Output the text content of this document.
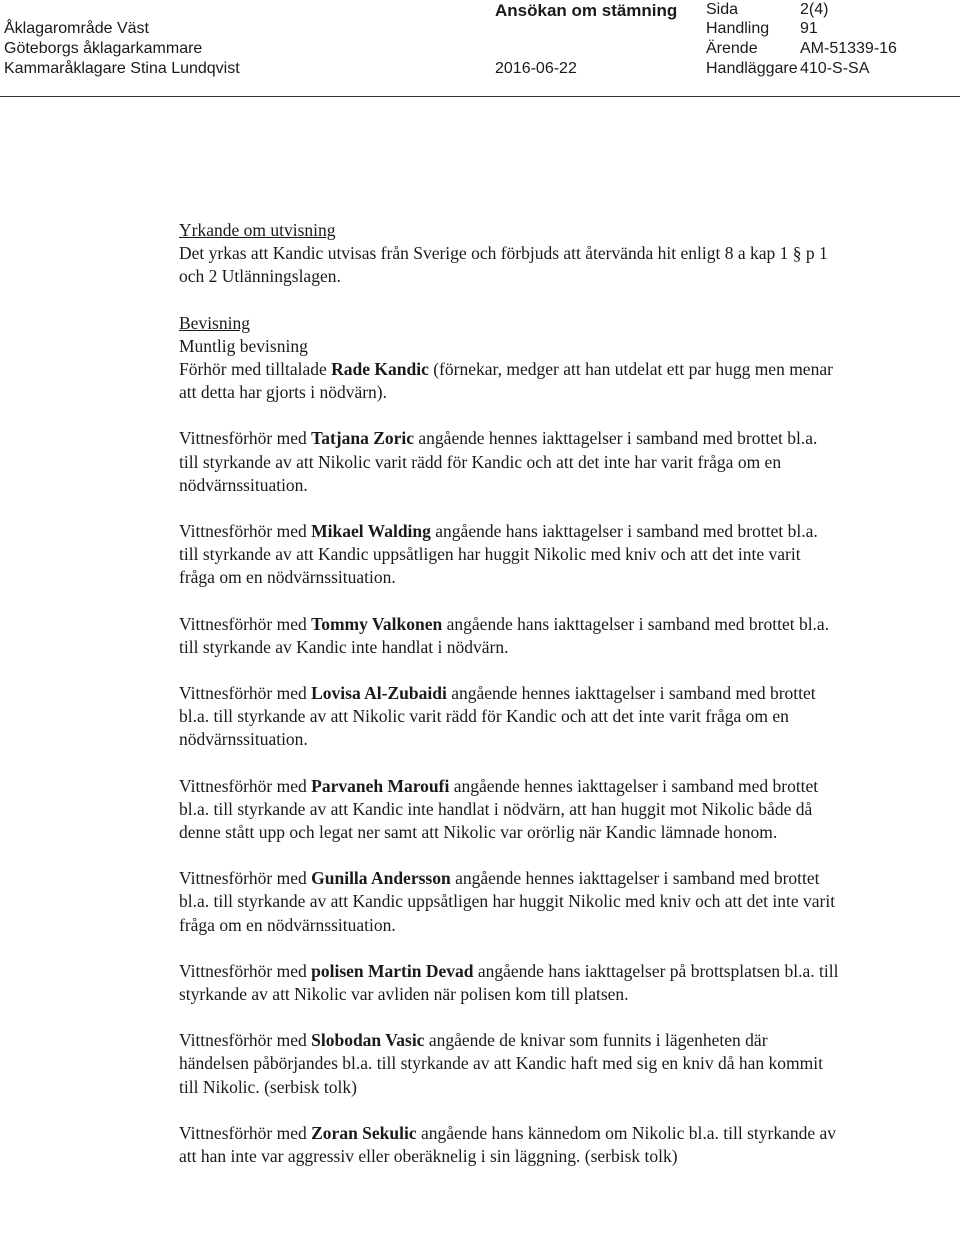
Åklagarområde Väst
Göteborgs åklagarkammare
Kammaråklagare Stina Lundqvist
Ansökan om stämning
2016-06-22
Sida
Handling
Ärende
Handläggare
2(4)
91
AM-51339-16
410-S-SA

Yrkande om utvisning

Det yrkas att Kandic utvisas från Sverige och förbjuds att återvända hit enligt 8 a kap 1 § p 1 och 2 Utlänningslagen.

Bevisning

Muntlig bevisning

Förhör med tilltalade Rade Kandic (förnekar, medger att han utdelat ett par hugg men menar att detta har gjorts i nödvärn).

Vittnesförhör med Tatjana Zoric angående hennes iakttagelser i samband med brottet bl.a. till styrkande av att Nikolic varit rädd för Kandic och att det inte har varit fråga om en nödvärnssituation.

Vittnesförhör med Mikael Walding angående hans iakttagelser i samband med brottet bl.a. till styrkande av att Kandic uppsåtligen har huggit Nikolic med kniv och att det inte varit fråga om en nödvärnssituation.

Vittnesförhör med Tommy Valkonen angående hans iakttagelser i samband med brottet bl.a. till styrkande av Kandic inte handlat i nödvärn.

Vittnesförhör med Lovisa Al-Zubaidi angående hennes iakttagelser i samband med brottet bl.a. till styrkande av att Nikolic varit rädd för Kandic och att det inte varit fråga om en nödvärnssituation.

Vittnesförhör med Parvaneh Maroufi angående hennes iakttagelser i samband med brottet bl.a. till styrkande av att Kandic inte handlat i nödvärn, att han huggit mot Nikolic både då denne stått upp och legat ner samt att Nikolic var orörlig när Kandic lämnade honom.

Vittnesförhör med Gunilla Andersson angående hennes iakttagelser i samband med brottet bl.a. till styrkande av att Kandic uppsåtligen har huggit Nikolic med kniv och att det inte varit fråga om en nödvärnssituation.

Vittnesförhör med polisen Martin Devad angående hans iakttagelser på brottsplatsen bl.a. till styrkande av att Nikolic var avliden när polisen kom till platsen.

Vittnesförhör med Slobodan Vasic angående de knivar som funnits i lägenheten där händelsen påbörjandes bl.a. till styrkande av att Kandic haft med sig en kniv då han kommit till Nikolic. (serbisk tolk)

Vittnesförhör med Zoran Sekulic angående hans kännedom om Nikolic bl.a. till styrkande av att han inte var aggressiv eller oberäknelig i sin läggning. (serbisk tolk)
